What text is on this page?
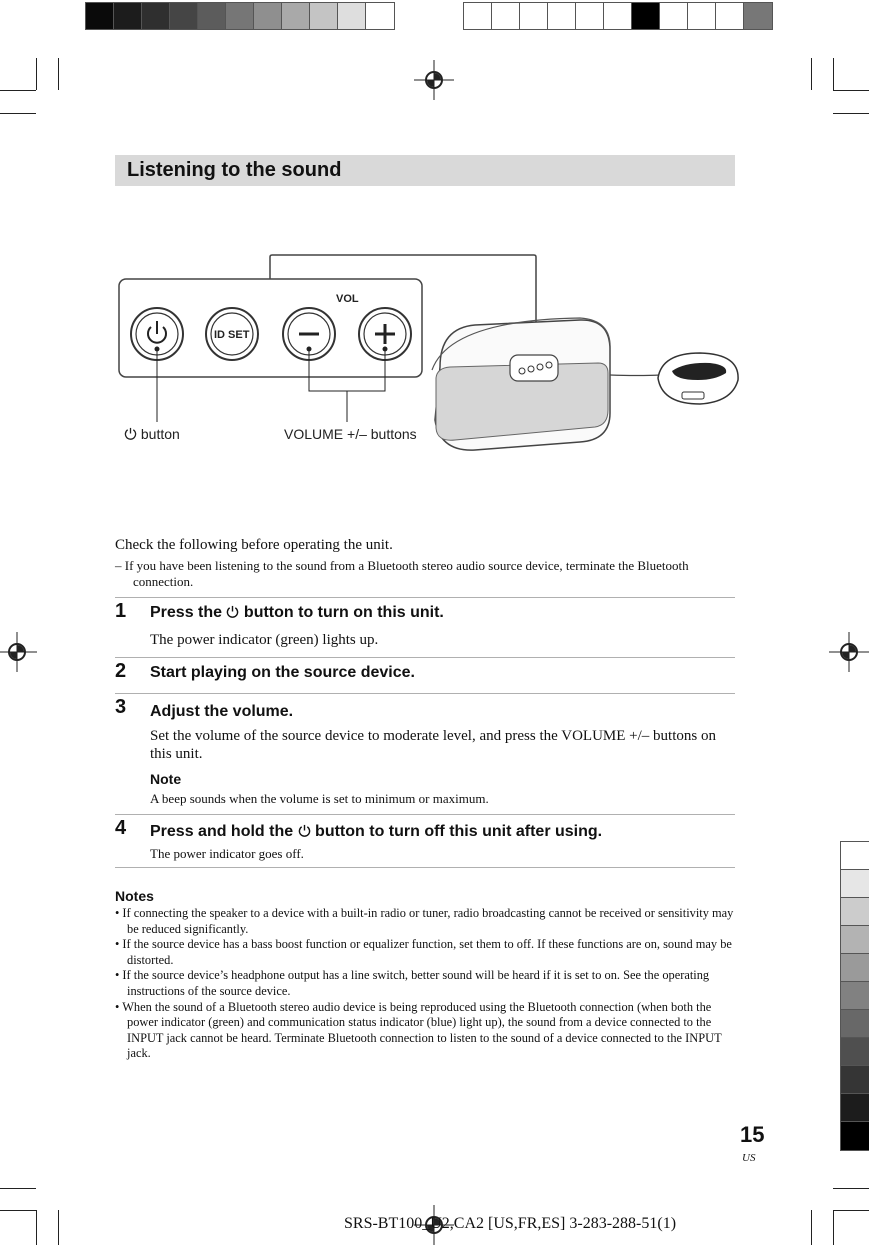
Listening to the sound
VOL
ID SET
button	VOLUME +/– buttons
Check the following before operating the unit.
– If you have been listening to the sound from a Bluetooth stereo audio source device, terminate the Bluetooth connection.
1 Press the  button to turn on this unit.
The power indicator (green) lights up.
2 Start playing on the source device.
3 Adjust the volume.
Set the volume of the source device to moderate level, and press the VOLUME +/– buttons on this unit.
Note
A beep sounds when the volume is set to minimum or maximum.
4 Press and hold the  button to turn off this unit after using.
The power indicator goes off.
Notes
• If connecting the speaker to a device with a built-in radio or tuner, radio broadcasting cannot be received or sensitivity may be reduced significantly.
• If the source device has a bass boost function or equalizer function, set them to off. If these functions are on, sound may be distorted.
• If the source device’s headphone output has a line switch, better sound will be heard if it is set to on. See the operating instructions of the source device.
• When the sound of a Bluetooth stereo audio device is being reproduced using the Bluetooth connection (when both the power indicator (green) and communication status indicator (blue) light up), the sound from a device connected to the INPUT jack cannot be heard. Terminate Bluetooth connection to listen to the sound of a device connected to the INPUT jack.
15
US
SRS-BT100_U2,CA2 [US,FR,ES] 3-283-288-51(1)
